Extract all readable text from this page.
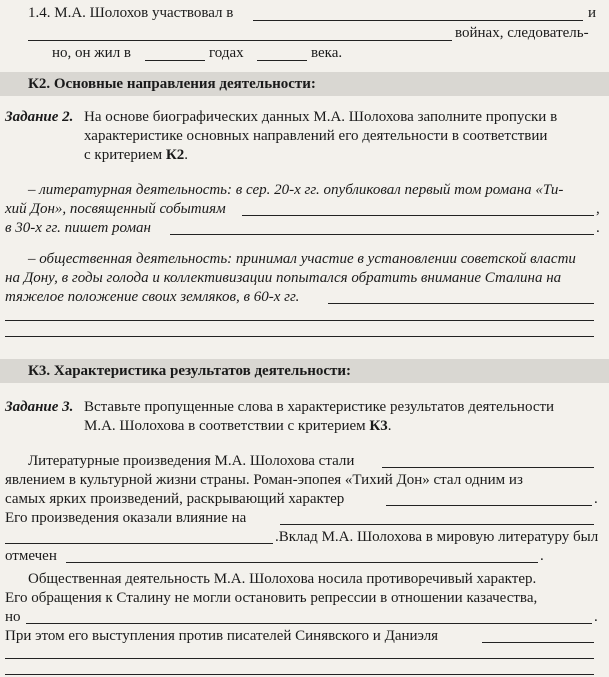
1.4. М.А. Шолохов участвовал в	и
войнах, следователь-
но, он жил в	годах	века.
К2. Основные направления деятельности:
Задание 2. На основе биографических данных М.А. Шолохова заполните пропуски в
характеристике основных направлений его деятельности в соответствии
с критерием К2.
– литературная деятельность: в сер. 20-х гг. опубликовал первый том романа «Ти-
хий Дон», посвященный событиям	,
в 30-х гг. пишет роман	.
– общественная деятельность: принимал участие в установлении советской власти
на Дону, в годы голода и коллективизации попытался обратить внимание Сталина на
тяжелое положение своих земляков, в 60-х гг.
К3. Характеристика результатов деятельности:
Задание 3. Вставьте пропущенные слова в характеристике результатов деятельности
М.А. Шолохова в соответствии с критерием К3.
Литературные произведения М.А. Шолохова стали
явлением в культурной жизни страны. Роман-эпопея «Тихий Дон» стал одним из
самых ярких произведений, раскрывающий характер	.
Его произведения оказали влияние на
.Вклад М.А. Шолохова в мировую литературу был
отмечен	.
Общественная деятельность М.А. Шолохова носила противоречивый характер.
Его обращения к Сталину не могли остановить репрессии в отношении казачества,
но	.
При этом его выступления против писателей Синявского и Даниэля
